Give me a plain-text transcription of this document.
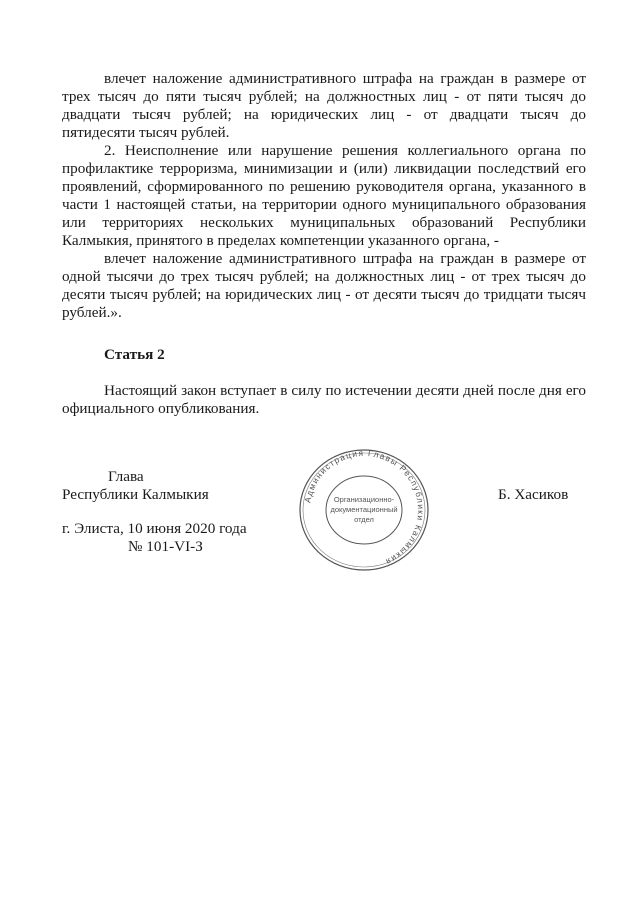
влечет наложение административного штрафа на граждан в размере от
трех тысяч до пяти тысяч рублей; на должностных лиц - от пяти тысяч до
двадцати тысяч рублей; на юридических лиц - от двадцати тысяч до
пятидесяти тысяч рублей.
2. Неисполнение или нарушение решения коллегиального органа по
профилактике терроризма, минимизации и (или) ликвидации последствий его
проявлений, сформированного по решению руководителя органа, указанного в
части 1 настоящей статьи, на территории одного муниципального образования
или территориях нескольких муниципальных образований Республики
Калмыкия, принятого в пределах компетенции указанного органа, -
влечет наложение административного штрафа на граждан в размере от
одной тысячи до трех тысяч рублей; на должностных лиц - от трех тысяч до
десяти тысяч рублей; на юридических лиц - от десяти тысяч до тридцати тысяч
рублей.».
Статья 2
Настоящий закон вступает в силу по истечении десяти дней после дня его
официального опубликования.
Глава
Республики Калмыкия	Б. Хасиков
г. Элиста, 10 июня 2020 года
№ 101-VI-З
Администрация Главы Республики Калмыкия
Организационно-
документационный
отдел
